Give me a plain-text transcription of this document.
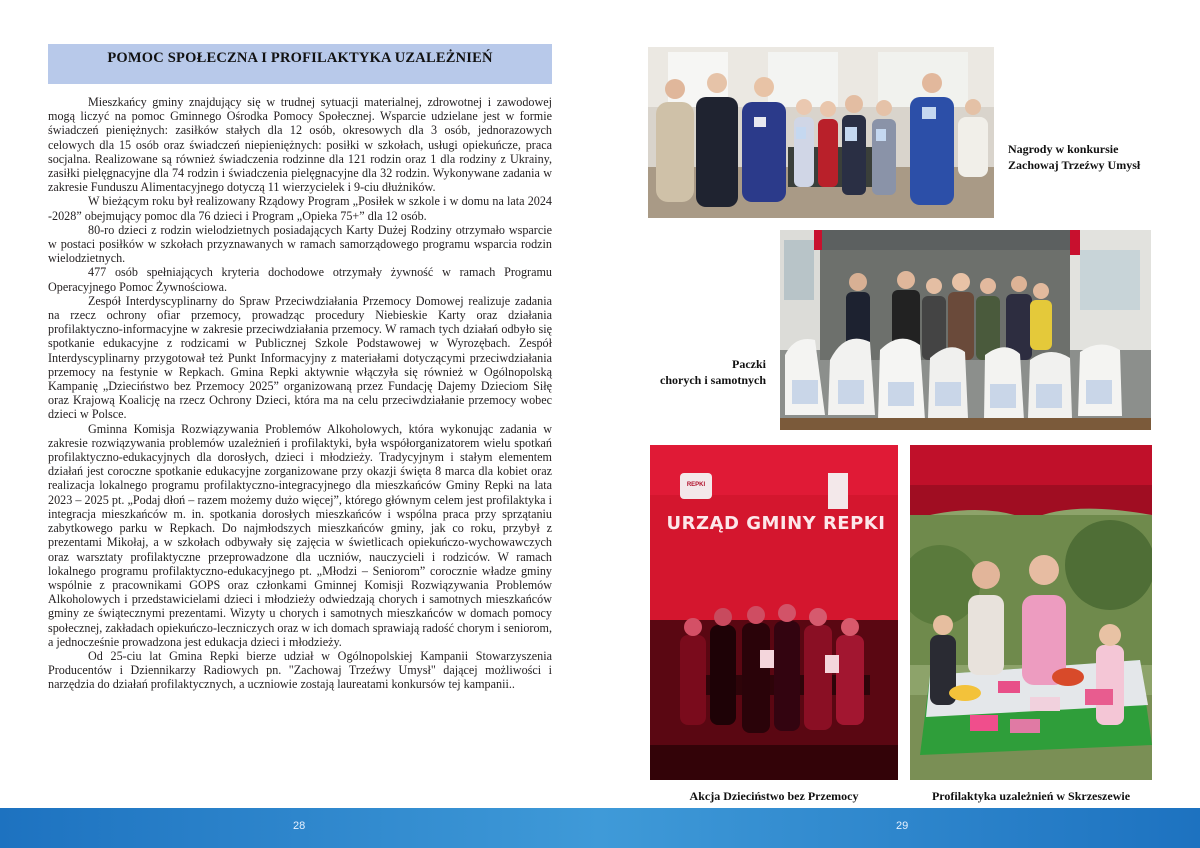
POMOC SPOŁECZNA I PROFILAKTYKA UZALEŻNIEŃ

Mieszkańcy gminy znajdujący się w trudnej sytuacji materialnej, zdrowotnej i zawodowej mogą liczyć na pomoc Gminnego Ośrodka Pomocy Społecznej. Wsparcie udzielane jest w formie świadczeń pieniężnych: zasiłków stałych dla 12 osób, okresowych dla 3 osób, jednorazowych celowych dla 15 osób oraz świadczeń niepieniężnych: posiłki w szkołach, usługi opiekuńcze, praca socjalna. Realizowane są również świadczenia rodzinne dla 121 rodzin oraz 1 dla rodziny z Ukrainy, zasiłki pielęgnacyjne dla 74 rodzin i świadczenia pielęgnacyjne dla 32 rodzin. Wykonywane zadania w zakresie Funduszu Alimentacyjnego dotyczą 11 wierzycielek i 9-ciu dłużników.

W bieżącym roku był realizowany Rządowy Program „Posiłek w szkole i w domu na lata 2024 -2028” obejmujący pomoc dla 76 dzieci i Program „Opieka 75+” dla 12 osób.

80-ro dzieci z rodzin wielodzietnych posiadających Karty Dużej Rodziny otrzymało wsparcie w postaci posiłków w szkołach przyznawanych w ramach samorządowego programu wsparcia rodzin wielodzietnych.

477 osób spełniających kryteria dochodowe otrzymały żywność w ramach Programu Operacyjnego Pomoc Żywnościowa.

Zespół Interdyscyplinarny do Spraw Przeciwdziałania Przemocy Domowej realizuje zadania na rzecz ochrony ofiar przemocy, prowadząc procedury Niebieskie Karty oraz działania profilaktyczno-informacyjne w zakresie przeciwdziałania przemocy. W ramach tych działań odbyło się spotkanie edukacyjne z rodzicami w Publicznej Szkole Podstawowej w Wyrozębach. Zespół Interdyscyplinarny przygotował też Punkt Informacyjny z materiałami dotyczącymi przeciwdziałania przemocy na festynie w Repkach. Gmina Repki aktywnie włączyła się również w Ogólnopolską Kampanię „Dzieciństwo bez Przemocy 2025” organizowaną przez Fundację Dajemy Dzieciom Siłę oraz Krajową Koalicję na rzecz Ochrony Dzieci, która ma na celu przeciwdziałanie przemocy wobec dzieci w Polsce.

Gminna Komisja Rozwiązywania Problemów Alkoholowych, która wykonując zadania w zakresie rozwiązywania problemów uzależnień i profilaktyki, była współorganizatorem wielu spotkań profilaktyczno-edukacyjnych dla dorosłych, dzieci i młodzieży. Tradycyjnym i stałym elementem działań jest coroczne spotkanie edukacyjne zorganizowane przy okazji święta 8 marca dla kobiet oraz realizacja lokalnego programu profilaktyczno-integracyjnego dla mieszkańców Gminy Repki na lata 2023 – 2025 pt. „Podaj dłoń – razem możemy dużo więcej”, którego głównym celem jest profilaktyka i integracja mieszkańców m. in. spotkania dorosłych mieszkańców i wspólna praca przy sprzątaniu zabytkowego parku w Repkach. Do najmłodszych mieszkańców gminy, jak co roku, przybył z prezentami Mikołaj, a w szkołach odbywały się zajęcia w świetlicach opiekuńczo-wychowawczych oraz warsztaty profilaktyczne przeprowadzone dla uczniów, nauczycieli i rodziców. W ramach lokalnego programu profilaktyczno-edukacyjnego pt. „Młodzi – Seniorom” corocznie władze gminy wspólnie z pracownikami GOPS oraz członkami Gminnej Komisji Rozwiązywania Problemów Alkoholowych i przedstawicielami dzieci i młodzieży odwiedzają chorych i samotnych mieszkańców gminy ze świątecznymi prezentami. Wizyty u chorych i samotnych mieszkańców w domach pomocy społecznej, zakładach opiekuńczo-leczniczych oraz w ich domach sprawiają radość chorym i seniorom, a jednocześnie prowadzona jest edukacja dzieci i młodzieży.

Od 25-ciu lat Gmina Repki bierze udział w Ogólnopolskiej Kampanii Stowarzyszenia Producentów i Dziennikarzy Radiowych pn. "Zachowaj Trzeźwy Umysł" dającej możliwości i narzędzia do działań profilaktycznych, a uczniowie zostają laureatami konkursów tej kampanii..

Nagrody w konkursie
Zachowaj Trzeźwy Umysł
Paczki
chorych i samotnych
REPKI
URZĄD GMINY REPKI
Akcja Dzieciństwo bez Przemocy	Profilaktyka uzależnień w Skrzeszewie
28	29
